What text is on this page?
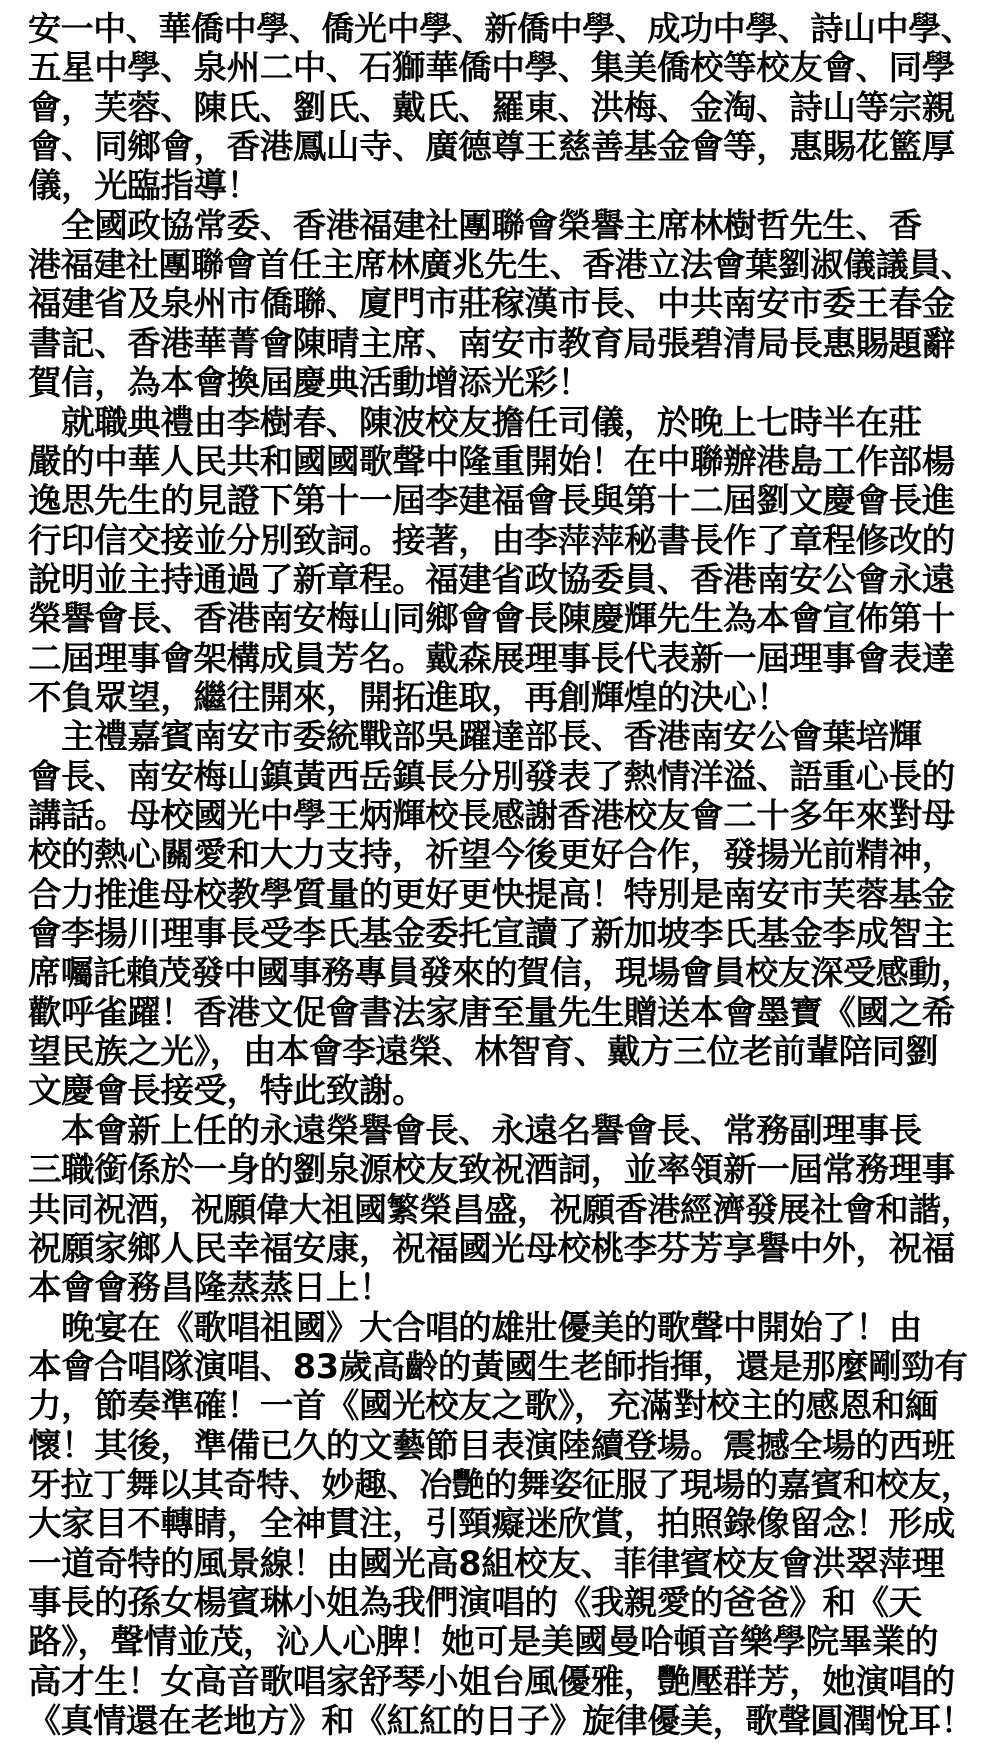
安一中、華僑中學、僑光中學、新僑中學、成功中學、詩山中學、
五星中學、泉州二中、石獅華僑中學、集美僑校等校友會、同學
會，芙蓉、陳氏、劉氏、戴氏、羅東、洪梅、金淘、詩山等宗親
會、同鄉會，香港鳳山寺、廣德尊王慈善基金會等，惠賜花籃厚
儀，光臨指導！
　全國政協常委、香港福建社團聯會榮譽主席林樹哲先生、香
港福建社團聯會首任主席林廣兆先生、香港立法會葉劉淑儀議員、
福建省及泉州市僑聯、廈門市莊稼漢市長、中共南安市委王春金
書記、香港華菁會陳晴主席、南安市教育局張碧清局長惠賜題辭
賀信，為本會換屆慶典活動增添光彩！
　就職典禮由李樹春、陳波校友擔任司儀，於晚上七時半在莊
嚴的中華人民共和國國歌聲中隆重開始！在中聯辦港島工作部楊
逸思先生的見證下第十一屆李建福會長與第十二屆劉文慶會長進
行印信交接並分別致詞。接著，由李萍萍秘書長作了章程修改的
說明並主持通過了新章程。福建省政協委員、香港南安公會永遠
榮譽會長、香港南安梅山同鄉會會長陳慶輝先生為本會宣佈第十
二屆理事會架構成員芳名。戴森展理事長代表新一屆理事會表達
不負眾望，繼往開來，開拓進取，再創輝煌的決心！
　主禮嘉賓南安市委統戰部吳躍達部長、香港南安公會葉培輝
會長、南安梅山鎮黃西岳鎮長分別發表了熱情洋溢、語重心長的
講話。母校國光中學王炳輝校長感謝香港校友會二十多年來對母
校的熱心關愛和大力支持，祈望今後更好合作，發揚光前精神，
合力推進母校教學質量的更好更快提高！特別是南安市芙蓉基金
會李揚川理事長受李氏基金委托宣讀了新加坡李氏基金李成智主
席囑託賴茂發中國事務專員發來的賀信，現場會員校友深受感動，
歡呼雀躍！香港文促會書法家唐至量先生贈送本會墨寶《國之希
望民族之光》，由本會李遠榮、林智育、戴方三位老前輩陪同劉
文慶會長接受，特此致謝。
　本會新上任的永遠榮譽會長、永遠名譽會長、常務副理事長
三職銜係於一身的劉泉源校友致祝酒詞，並率領新一屆常務理事
共同祝酒，祝願偉大祖國繁榮昌盛，祝願香港經濟發展社會和諧，
祝願家鄉人民幸福安康，祝福國光母校桃李芬芳享譽中外，祝福
本會會務昌隆蒸蒸日上！
　晚宴在《歌唱祖國》大合唱的雄壯優美的歌聲中開始了！由
本會合唱隊演唱、83歲高齡的黃國生老師指揮，還是那麼剛勁有
力，節奏準確！一首《國光校友之歌》，充滿對校主的感恩和緬
懷！其後，準備已久的文藝節目表演陸續登場。震撼全場的西班
牙拉丁舞以其奇特、妙趣、冶艷的舞姿征服了現場的嘉賓和校友，
大家目不轉睛，全神貫注，引頸癡迷欣賞，拍照錄像留念！形成
一道奇特的風景線！由國光高8組校友、菲律賓校友會洪翠萍理
事長的孫女楊賓琳小姐為我們演唱的《我親愛的爸爸》和《天
路》，聲情並茂，沁人心脾！她可是美國曼哈頓音樂學院畢業的
高才生！女高音歌唱家舒琴小姐台風優雅，艷壓群芳，她演唱的
《真情還在老地方》和《紅紅的日子》旋律優美，歌聲圓潤悅耳！
